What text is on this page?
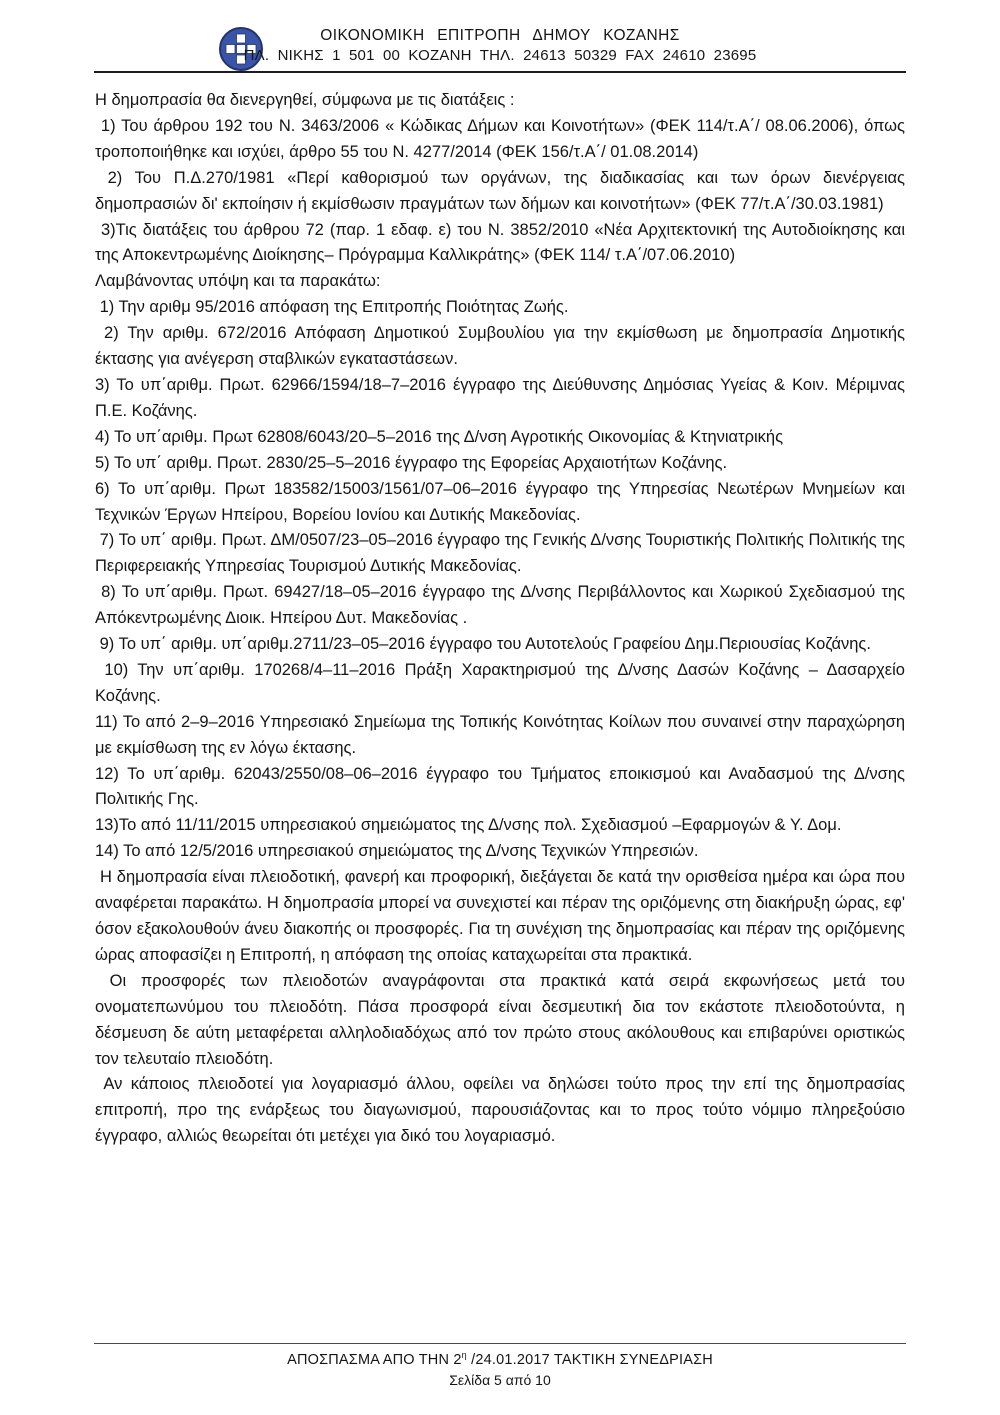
ΟΙΚΟΝΟΜΙΚΗ ΕΠΙΤΡΟΠΗ ΔΗΜΟΥ ΚΟΖΑΝΗΣ
ΠΛ. ΝΙΚΗΣ 1 501 00 ΚΟΖΑΝΗ ΤΗΛ. 24613 50329 FAX 24610 23695

Η δημοπρασία θα διενεργηθεί, σύμφωνα με τις διατάξεις :

1) Του άρθρου 192 του Ν. 3463/2006 « Κώδικας Δήμων και Κοινοτήτων» (ΦΕΚ 114/τ.Α΄/ 08.06.2006), όπως τροποποιήθηκε και ισχύει, άρθρο 55 του Ν. 4277/2014 (ΦΕΚ 156/τ.Α΄/ 01.08.2014)

2) Του Π.Δ.270/1981 «Περί καθορισμού των οργάνων, της διαδικασίας και των όρων διενέργειας δημοπρασιών δι' εκποίησιν ή εκμίσθωσιν πραγμάτων των δήμων και κοινοτήτων» (ΦΕΚ 77/τ.Α΄/30.03.1981)

3)Τις διατάξεις του άρθρου 72 (παρ. 1 εδαφ. ε) του Ν. 3852/2010 «Νέα Αρχιτεκτονική της Αυτοδιοίκησης και της Αποκεντρωμένης Διοίκησης– Πρόγραμμα Καλλικράτης» (ΦΕΚ 114/ τ.Α΄/07.06.2010)

Λαμβάνοντας υπόψη και τα παρακάτω:

1) Την αριθμ 95/2016 απόφαση της Επιτροπής Ποιότητας Ζωής.

2) Την αριθμ. 672/2016 Απόφαση Δημοτικού Συμβουλίου για την εκμίσθωση με δημοπρασία Δημοτικής έκτασης για ανέγερση σταβλικών εγκαταστάσεων.

3) Το υπ΄αριθμ. Πρωτ. 62966/1594/18–7–2016 έγγραφο της Διεύθυνσης Δημόσιας Υγείας & Κοιν. Μέριμνας Π.Ε. Κοζάνης.

4) Το υπ΄αριθμ. Πρωτ 62808/6043/20–5–2016 της Δ/νση Αγροτικής Οικονομίας & Κτηνιατρικής

5) Το υπ΄ αριθμ. Πρωτ. 2830/25–5–2016 έγγραφο της Εφορείας Αρχαιοτήτων Κοζάνης.

6) Το υπ΄αριθμ. Πρωτ 183582/15003/1561/07–06–2016 έγγραφο της Υπηρεσίας Νεωτέρων Μνημείων και Τεχνικών Έργων Ηπείρου, Βορείου Ιονίου και Δυτικής Μακεδονίας.

7) Το υπ΄ αριθμ. Πρωτ. ΔΜ/0507/23–05–2016 έγγραφο της Γενικής Δ/νσης Τουριστικής Πολιτικής Πολιτικής της Περιφερειακής Υπηρεσίας Τουρισμού Δυτικής Μακεδονίας.

8) Το υπ΄αριθμ. Πρωτ. 69427/18–05–2016 έγγραφο της Δ/νσης Περιβάλλοντος και Χωρικού Σχεδιασμού της Απόκεντρωμένης Διοικ. Ηπείρου Δυτ. Μακεδονίας .

9) Το υπ΄ αριθμ. υπ΄αριθμ.2711/23–05–2016 έγγραφο του Αυτοτελούς Γραφείου Δημ.Περιουσίας Κοζάνης.

10) Την υπ΄αριθμ. 170268/4–11–2016 Πράξη Χαρακτηρισμού της Δ/νσης Δασών Κοζάνης – Δασαρχείο Κοζάνης.

11) Το από 2–9–2016 Υπηρεσιακό Σημείωμα της Τοπικής Κοινότητας Κοίλων που συναινεί στην παραχώρηση με εκμίσθωση της εν λόγω έκτασης.

12) Το υπ΄αριθμ. 62043/2550/08–06–2016 έγγραφο του Τμήματος εποικισμού και Αναδασμού της Δ/νσης Πολιτικής Γης.

13)Το από 11/11/2015 υπηρεσιακού σημειώματος της Δ/νσης πολ. Σχεδιασμού –Εφαρμογών & Υ. Δομ.

14) Το από 12/5/2016 υπηρεσιακού σημειώματος της Δ/νσης Τεχνικών Υπηρεσιών.

Η δημοπρασία είναι πλειοδοτική, φανερή και προφορική, διεξάγεται δε κατά την ορισθείσα ημέρα και ώρα που αναφέρεται παρακάτω. Η δημοπρασία μπορεί να συνεχιστεί και πέραν της οριζόμενης στη διακήρυξη ώρας, εφ' όσον εξακολουθούν άνευ διακοπής οι προσφορές. Για τη συνέχιση της δημοπρασίας και πέραν της οριζόμενης ώρας αποφασίζει η Επιτροπή, η απόφαση της οποίας καταχωρείται στα πρακτικά.

Οι προσφορές των πλειοδοτών αναγράφονται στα πρακτικά κατά σειρά εκφωνήσεως μετά του ονοματεπωνύμου του πλειοδότη. Πάσα προσφορά είναι δεσμευτική δια τον εκάστοτε πλειοδοτούντα, η δέσμευση δε αύτη μεταφέρεται αλληλοδιαδόχως από τον πρώτο στους ακόλουθους και επιβαρύνει οριστικώς τον τελευταίο πλειοδότη.

Αν κάποιος πλειοδοτεί για λογαριασμό άλλου, οφείλει να δηλώσει τούτο προς την επί της δημοπρασίας επιτροπή, προ της ενάρξεως του διαγωνισμού, παρουσιάζοντας και το προς τούτο νόμιμο πληρεξούσιο έγγραφο, αλλιώς θεωρείται ότι μετέχει για δικό του λογαριασμό.

ΑΠΟΣΠΑΣΜΑ ΑΠΟ ΤΗΝ $2^\eta$ /24.01.2017 ΤΑΚΤΙΚΗ ΣΥΝΕΔΡΙΑΣΗ
Σελίδα 5 από 10
